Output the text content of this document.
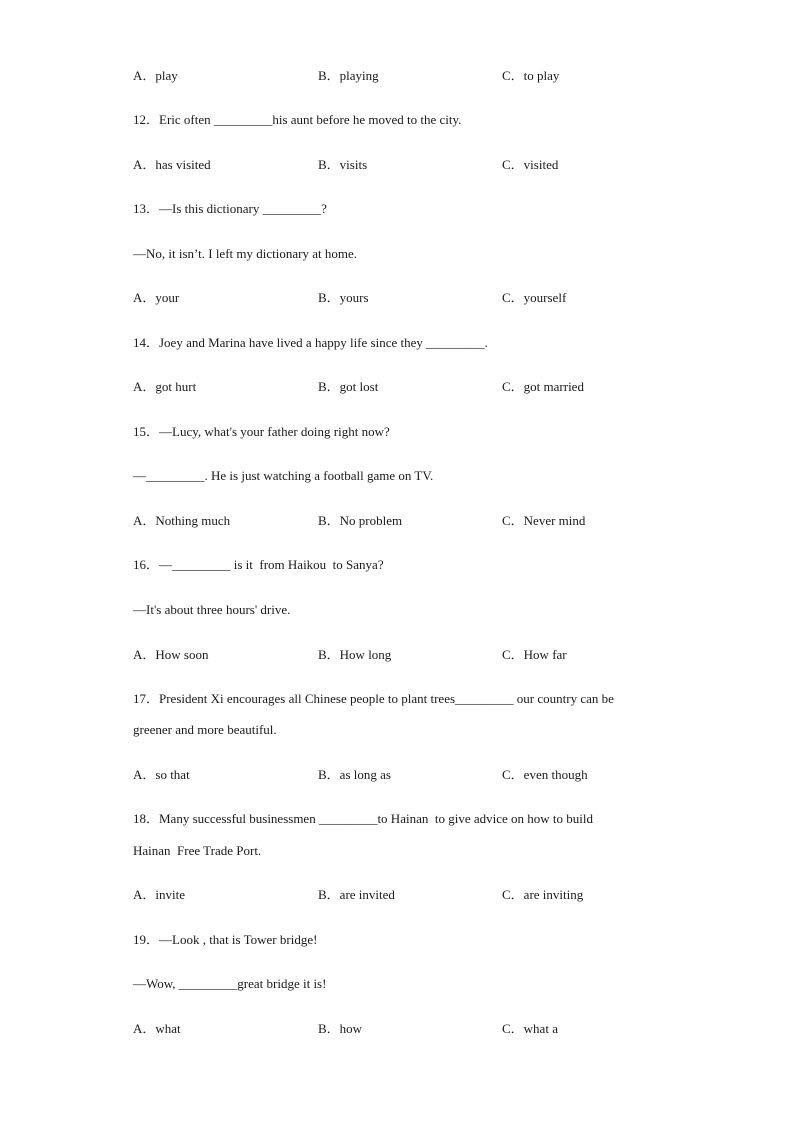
A．play	B．playing	C．to play
12．Eric often _________his aunt before he moved to the city.
A．has visited	B．visits	C．visited
13．—Is this dictionary _________?
—No, it isn’t. I left my dictionary at home.
A．your	B．yours	C．yourself
14．Joey and Marina have lived a happy life since they _________.
A．got hurt	B．got lost	C．got married
15．—Lucy, what's your father doing right now?
—_________. He is just watching a football game on TV.
A．Nothing much	B．No problem	C．Never mind
16．—_________ is it  from Haikou  to Sanya?
—It's about three hours' drive.
A．How soon	B．How long	C．How far
17．President Xi encourages all Chinese people to plant trees_________ our country can be
greener and more beautiful.
A．so that	B．as long as	C．even though
18．Many successful businessmen _________to Hainan  to give advice on how to build
Hainan  Free Trade Port.
A．invite	B．are invited	C．are inviting
19．—Look , that is Tower bridge!
—Wow, _________great bridge it is!
A．what	B．how	C．what a
